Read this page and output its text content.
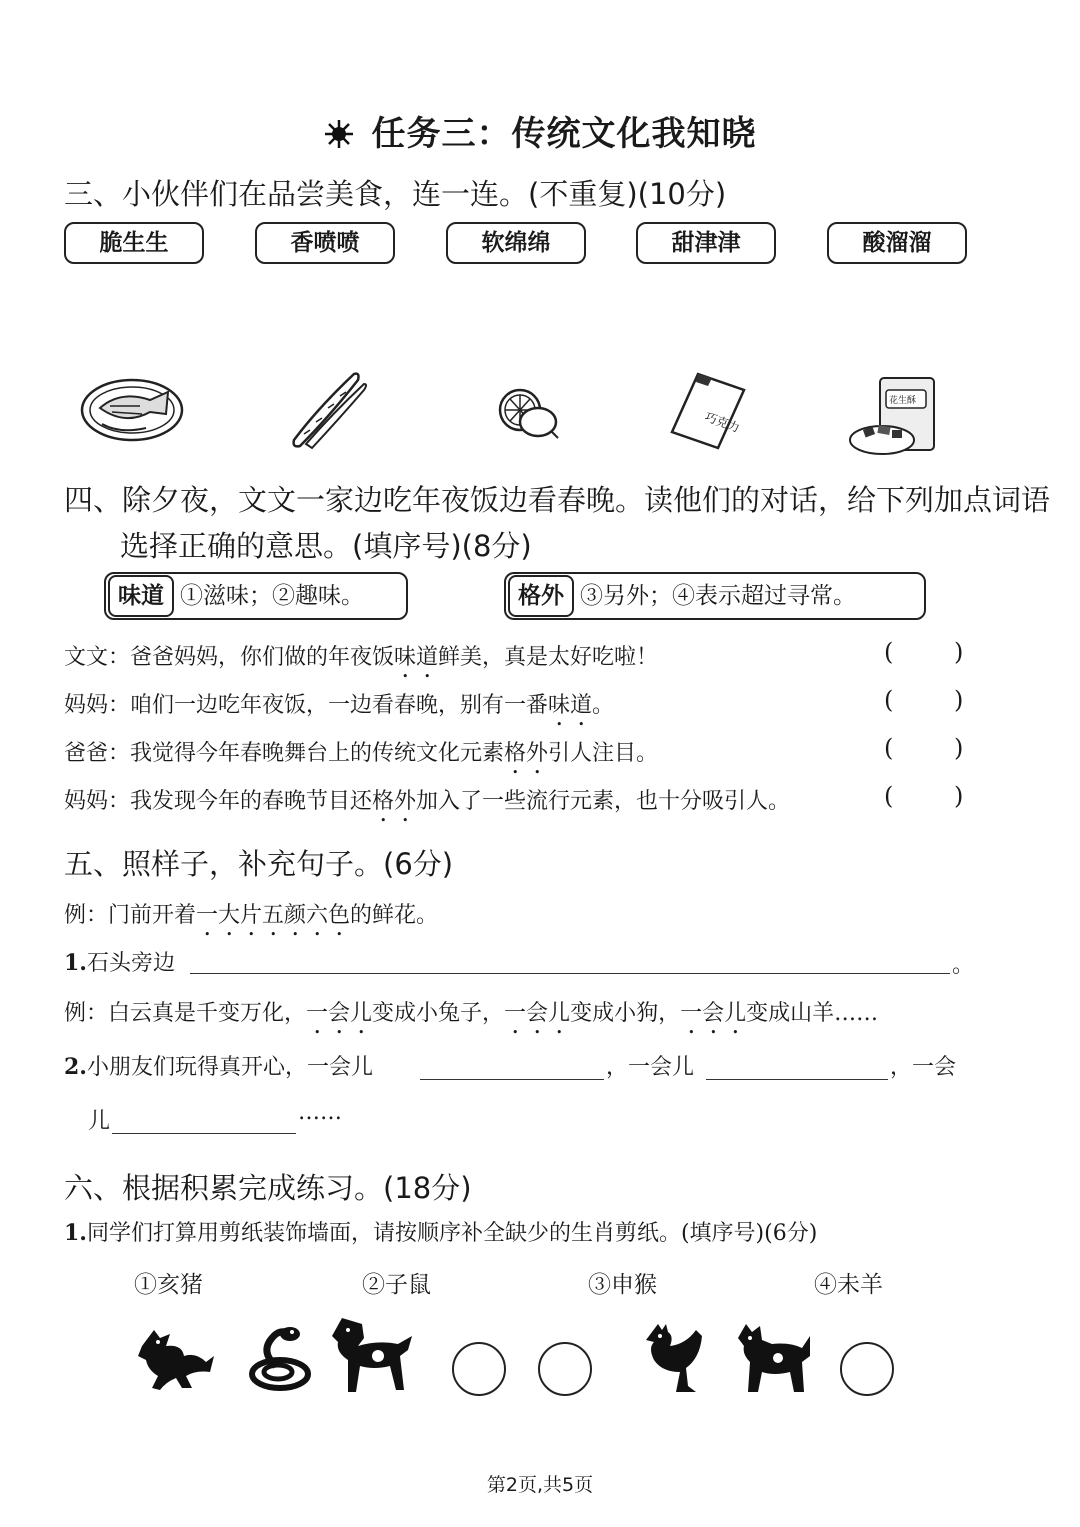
任务三：传统文化我知晓
三、小伙伴们在品尝美食，连一连。(不重复)(10分)
脆生生	香喷喷	软绵绵	甜津津	酸溜溜
巧克力
花生酥
四、除夕夜，文文一家边吃年夜饭边看春晚。读他们的对话，给下列加点词语
选择正确的意思。(填序号)(8分)
味道 ①滋味；②趣味。	格外 ③另外；④表示超过寻常。
文文：爸爸妈妈，你们做的年夜饭味道鲜美，真是太好吃啦！	(	)
妈妈：咱们一边吃年夜饭，一边看春晚，别有一番味道。	(	)
爸爸：我觉得今年春晚舞台上的传统文化元素格外引人注目。	(	)
妈妈：我发现今年的春晚节目还格外加入了一些流行元素，也十分吸引人。	(	)
五、照样子，补充句子。(6分)
例：门前开着一大片五颜六色的鲜花。
1.石头旁边	。
例：白云真是千变万化，一会儿变成小兔子，一会儿变成小狗，一会儿变成山羊……
2.小朋友们玩得真开心，一会儿	，一会儿	，一会
儿	……
六、根据积累完成练习。(18分)
1.同学们打算用剪纸装饰墙面，请按顺序补全缺少的生肖剪纸。(填序号)(6分)
①亥猪	②子鼠	③申猴	④未羊
第2页,共5页
